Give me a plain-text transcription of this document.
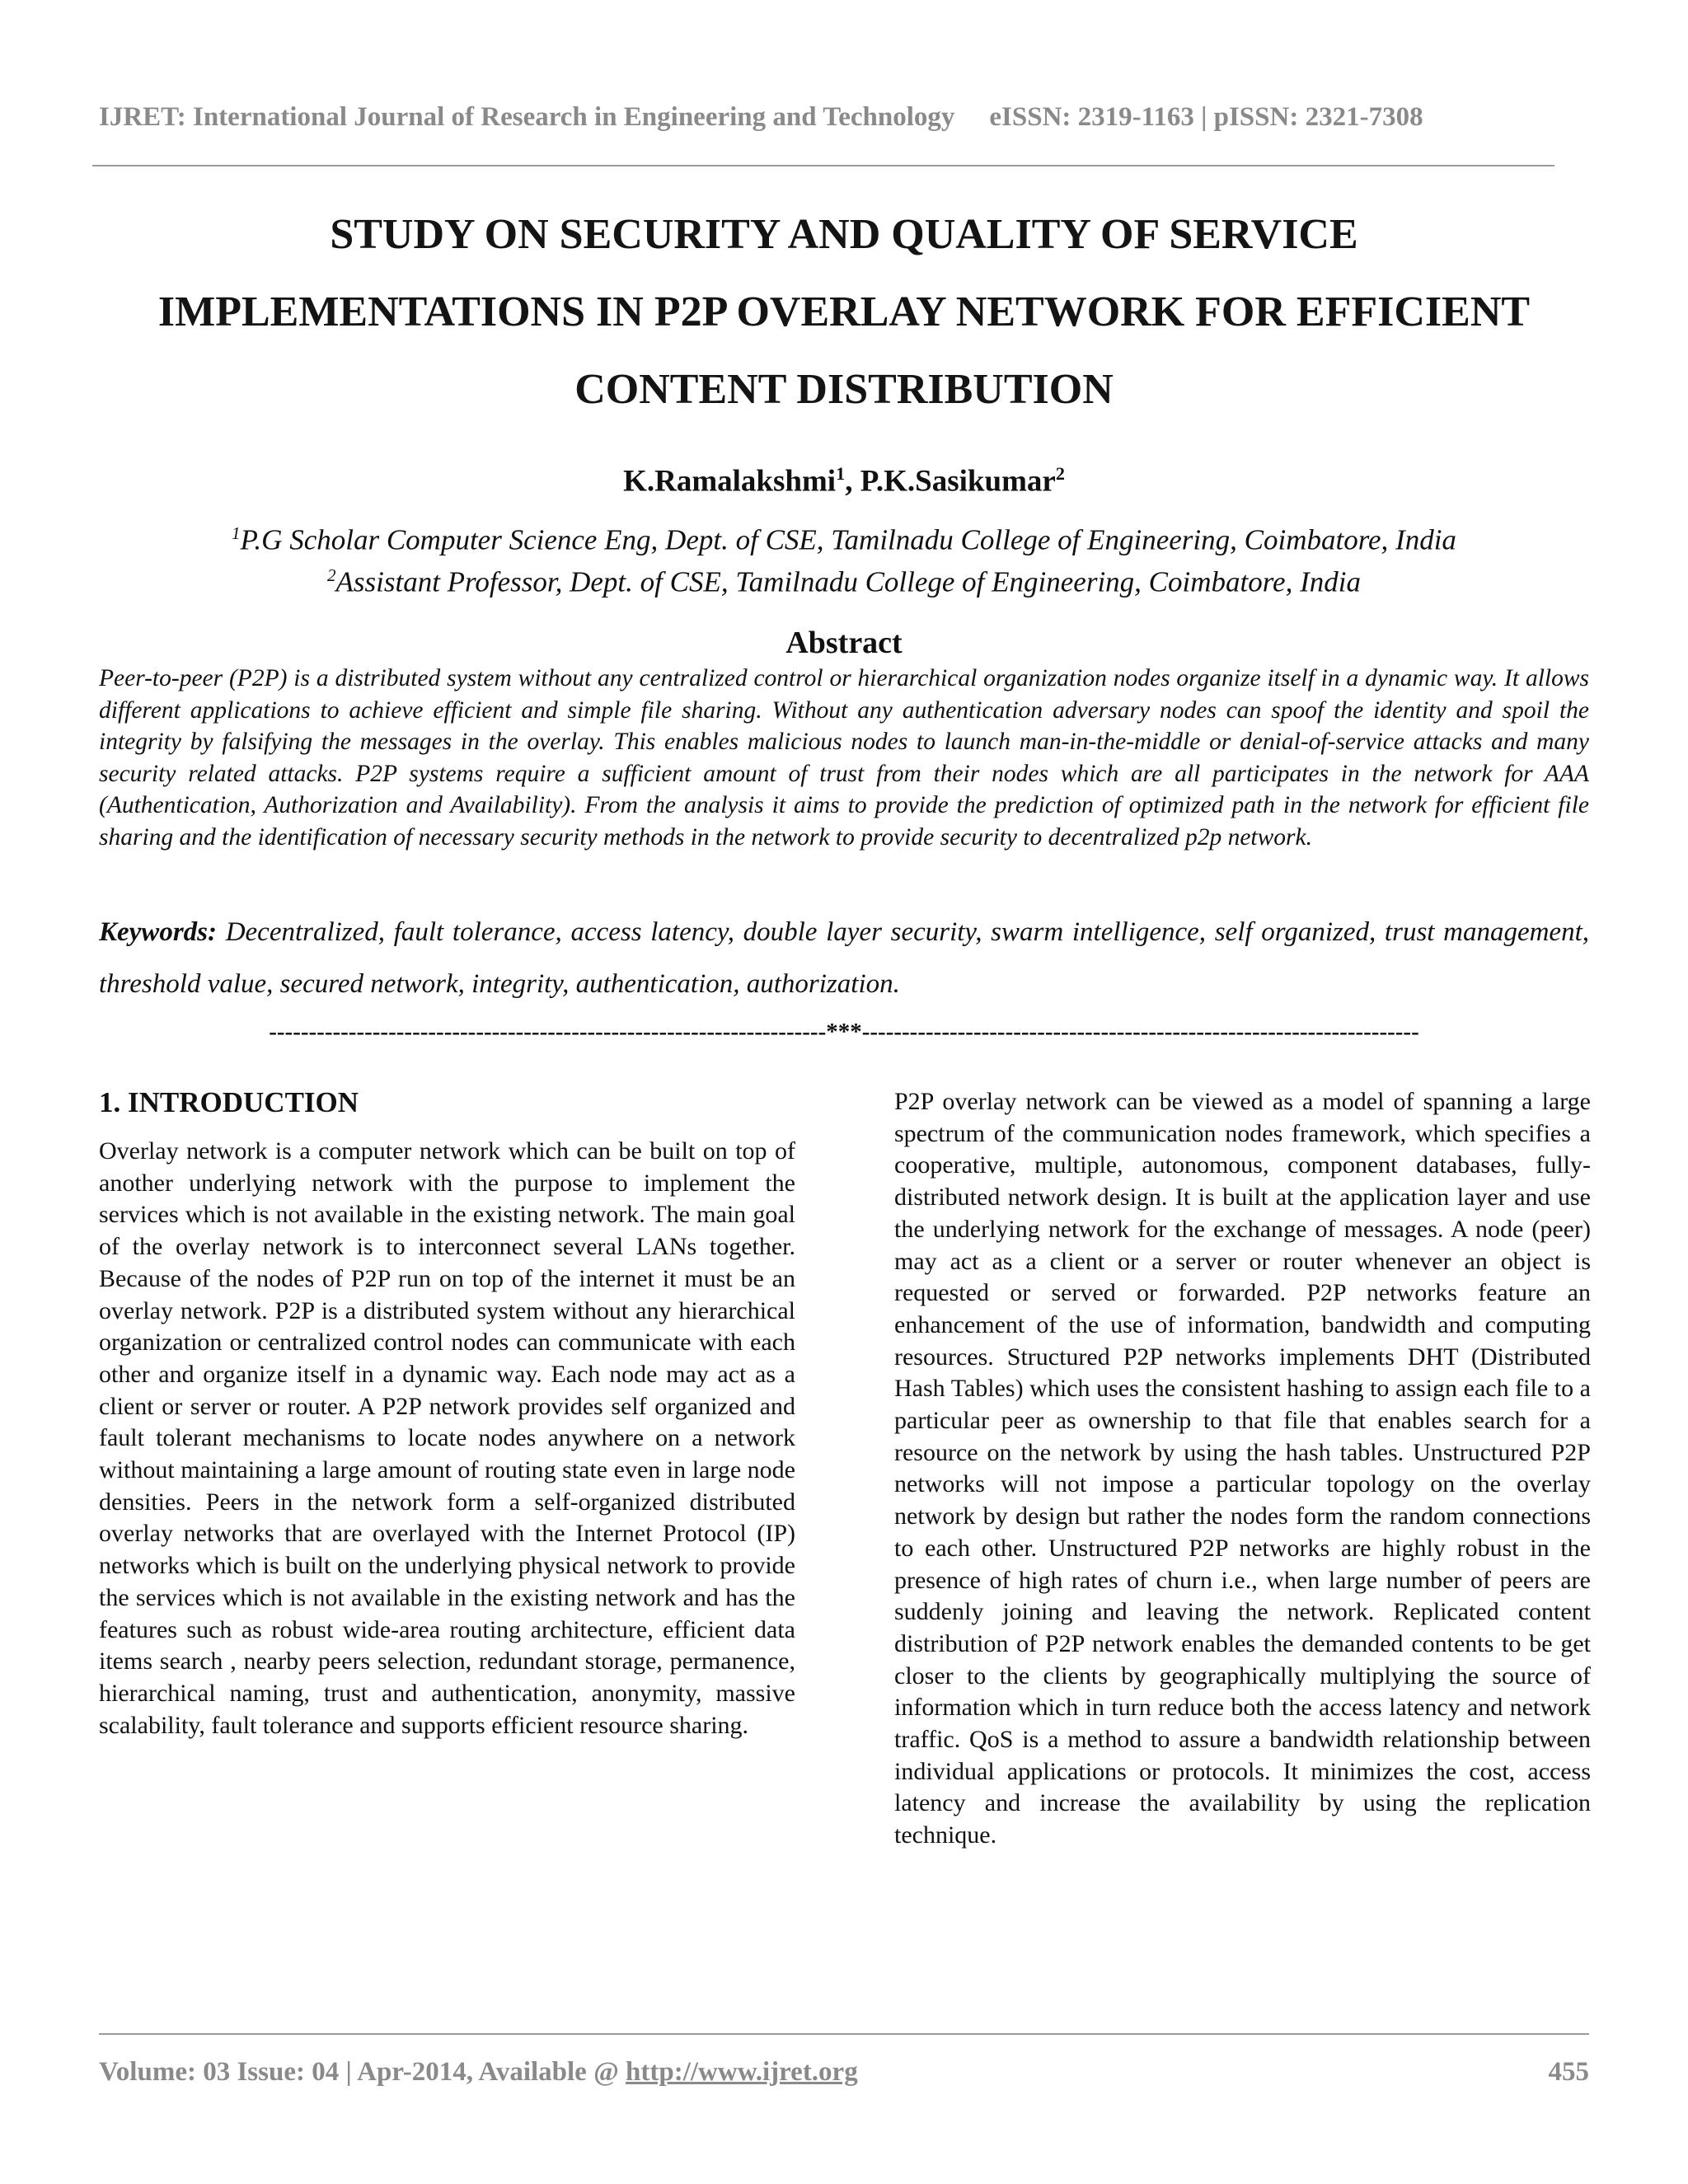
IJRET: International Journal of Research in Engineering and Technology eISSN: 2319-1163 | pISSN: 2321-7308
STUDY ON SECURITY AND QUALITY OF SERVICE
IMPLEMENTATIONS IN P2P OVERLAY NETWORK FOR EFFICIENT
CONTENT DISTRIBUTION
K.Ramalakshmi$^1$, P.K.Sasikumar$^2$
$^1$P.G Scholar Computer Science Eng, Dept. of CSE, Tamilnadu College of Engineering, Coimbatore, India
$^2$Assistant Professor, Dept. of CSE, Tamilnadu College of Engineering, Coimbatore, India
Abstract
Peer-to-peer (P2P) is a distributed system without any centralized control or hierarchical organization nodes organize itself in a dynamic way. It allows different applications to achieve efficient and simple file sharing. Without any authentication adversary nodes can spoof the identity and spoil the integrity by falsifying the messages in the overlay. This enables malicious nodes to launch man-in-the-middle or denial-of-service attacks and many security related attacks. P2P systems require a sufficient amount of trust from their nodes which are all participates in the network for AAA (Authentication, Authorization and Availability). From the analysis it aims to provide the prediction of optimized path in the network for efficient file sharing and the identification of necessary security methods in the network to provide security to decentralized p2p network.
Keywords: Decentralized, fault tolerance, access latency, double layer security, swarm intelligence, self organized, trust management, threshold value, secured network, integrity, authentication, authorization.
----------------------------------------------------------------------***----------------------------------------------------------------------
1. INTRODUCTION
Overlay network is a computer network which can be built on top of another underlying network with the purpose to implement the services which is not available in the existing network. The main goal of the overlay network is to interconnect several LANs together. Because of the nodes of P2P run on top of the internet it must be an overlay network. P2P is a distributed system without any hierarchical organization or centralized control nodes can communicate with each other and organize itself in a dynamic way. Each node may act as a client or server or router. A P2P network provides self organized and fault tolerant mechanisms to locate nodes anywhere on a network without maintaining a large amount of routing state even in large node densities. Peers in the network form a self-organized distributed overlay networks that are overlayed with the Internet Protocol (IP) networks which is built on the underlying physical network to provide the services which is not available in the existing network and has the features such as robust wide-area routing architecture, efficient data items search , nearby peers selection, redundant storage, permanence, hierarchical naming, trust and authentication, anonymity, massive scalability, fault tolerance and supports efficient resource sharing.
P2P overlay network can be viewed as a model of spanning a large spectrum of the communication nodes framework, which specifies a cooperative, multiple, autonomous, component databases, fully-distributed network design. It is built at the application layer and use the underlying network for the exchange of messages. A node (peer) may act as a client or a server or router whenever an object is requested or served or forwarded. P2P networks feature an enhancement of the use of information, bandwidth and computing resources. Structured P2P networks implements DHT (Distributed Hash Tables) which uses the consistent hashing to assign each file to a particular peer as ownership to that file that enables search for a resource on the network by using the hash tables. Unstructured P2P networks will not impose a particular topology on the overlay network by design but rather the nodes form the random connections to each other. Unstructured P2P networks are highly robust in the presence of high rates of churn i.e., when large number of peers are suddenly joining and leaving the network. Replicated content distribution of P2P network enables the demanded contents to be get closer to the clients by geographically multiplying the source of information which in turn reduce both the access latency and network traffic. QoS is a method to assure a bandwidth relationship between individual applications or protocols. It minimizes the cost, access latency and increase the availability by using the replication technique.
Volume: 03 Issue: 04 | Apr-2014, Available @ http://www.ijret.org	455
